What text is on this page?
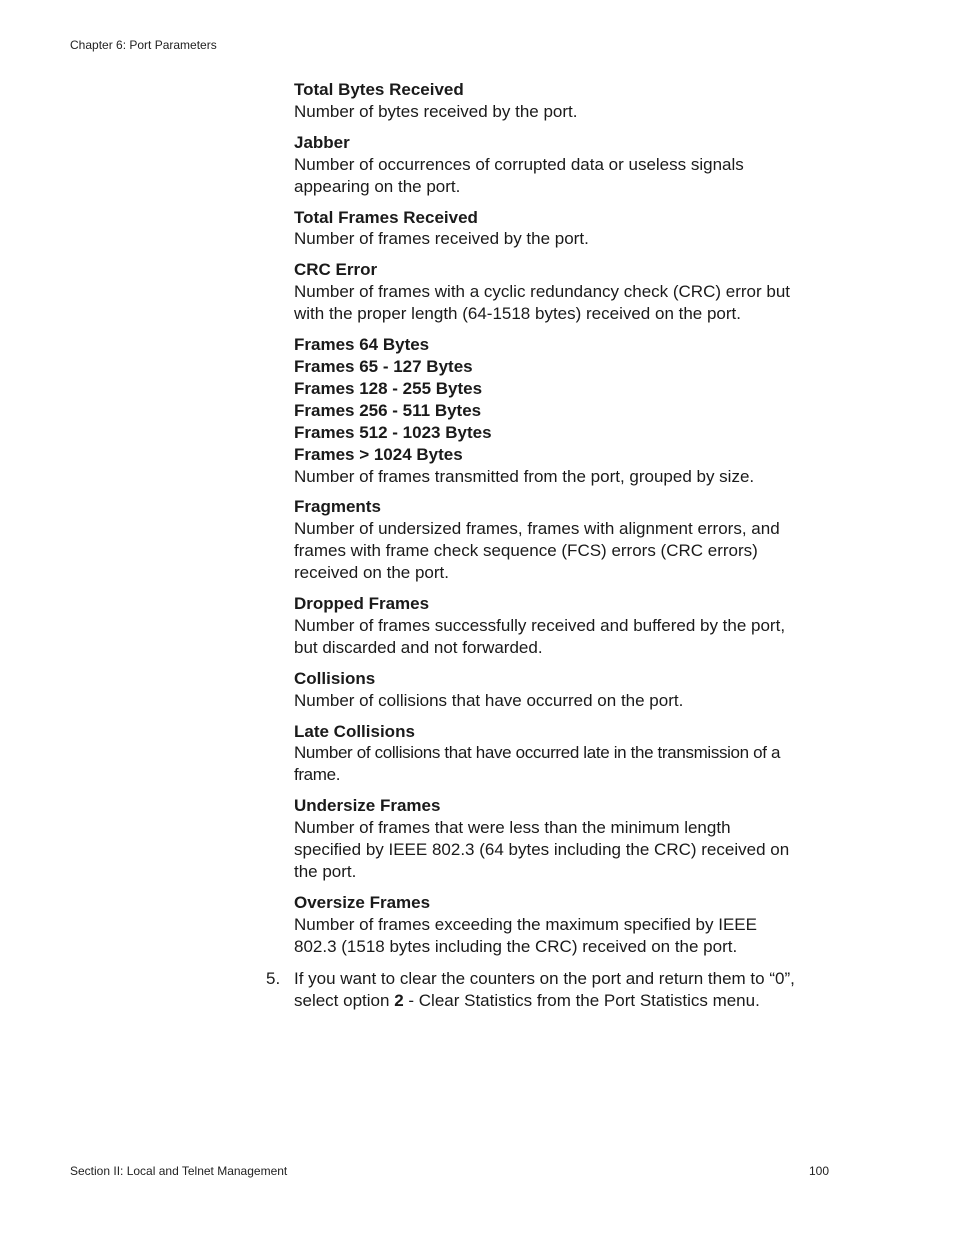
Chapter 6: Port Parameters
Total Bytes Received
Number of bytes received by the port.
Jabber
Number of occurrences of corrupted data or useless signals appearing on the port.
Total Frames Received
Number of frames received by the port.
CRC Error
Number of frames with a cyclic redundancy check (CRC) error but with the proper length (64-1518 bytes) received on the port.
Frames 64 Bytes
Frames 65 - 127 Bytes
Frames 128 - 255 Bytes
Frames 256 - 511 Bytes
Frames 512 - 1023 Bytes
Frames > 1024 Bytes
Number of frames transmitted from the port, grouped by size.
Fragments
Number of undersized frames, frames with alignment errors, and frames with frame check sequence (FCS) errors (CRC errors) received on the port.
Dropped Frames
Number of frames successfully received and buffered by the port, but discarded and not forwarded.
Collisions
Number of collisions that have occurred on the port.
Late Collisions
Number of collisions that have occurred late in the transmission of a frame.
Undersize Frames
Number of frames that were less than the minimum length specified by IEEE 802.3 (64 bytes including the CRC) received on the port.
Oversize Frames
Number of frames exceeding the maximum specified by IEEE 802.3 (1518 bytes including the CRC) received on the port.
5. If you want to clear the counters on the port and return them to “0”, select option 2 - Clear Statistics from the Port Statistics menu.
Section II: Local and Telnet Management	100
